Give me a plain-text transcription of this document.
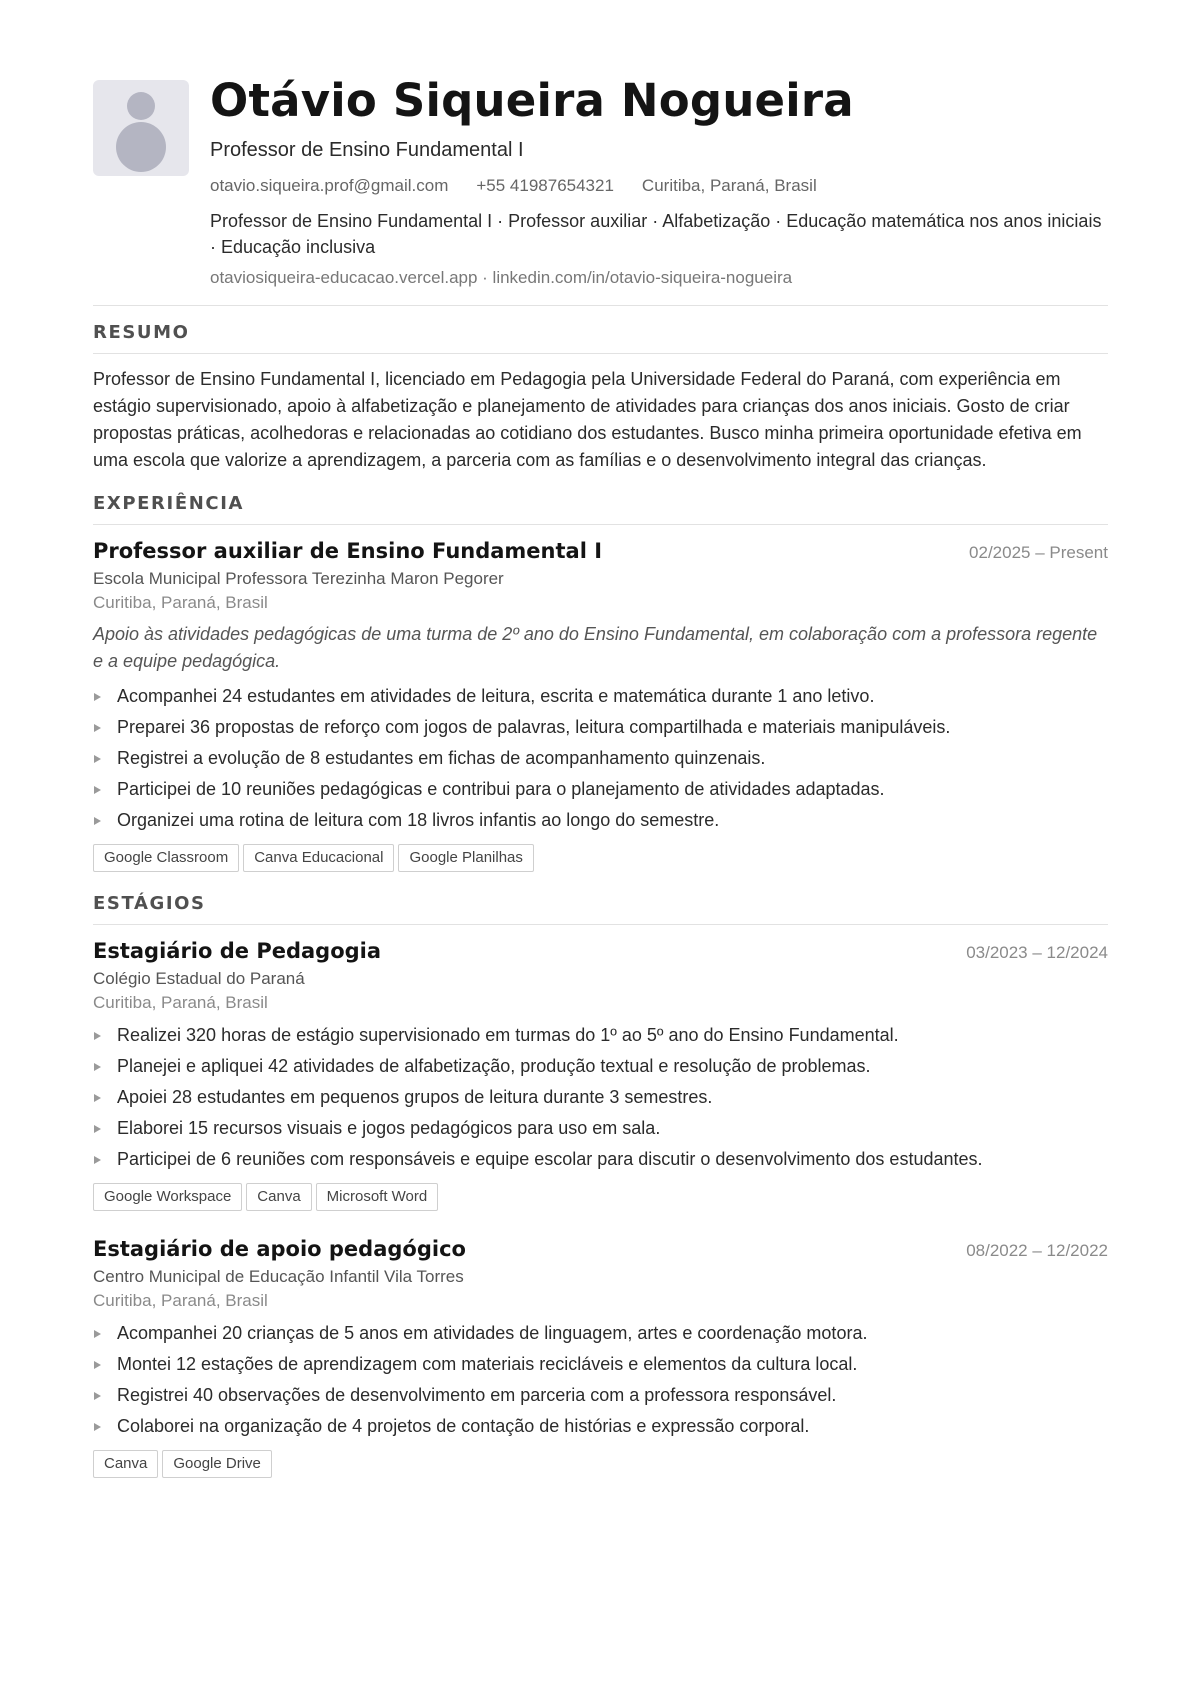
Otávio Siqueira Nogueira
Professor de Ensino Fundamental I
otavio.siqueira.prof@gmail.com +55 41987654321 Curitiba, Paraná, Brasil
Professor de Ensino Fundamental I · Professor auxiliar · Alfabetização · Educação matemática nos anos iniciais · Educação inclusiva
otaviosiqueira-educacao.vercel.app · linkedin.com/in/otavio-siqueira-nogueira
RESUMO

Professor de Ensino Fundamental I, licenciado em Pedagogia pela Universidade Federal do Paraná, com experiência em estágio supervisionado, apoio à alfabetização e planejamento de atividades para crianças dos anos iniciais. Gosto de criar propostas práticas, acolhedoras e relacionadas ao cotidiano dos estudantes. Busco minha primeira oportunidade efetiva em uma escola que valorize a aprendizagem, a parceria com as famílias e o desenvolvimento integral das crianças.

EXPERIÊNCIA
Professor auxiliar de Ensino Fundamental I	02/2025 – Present
Escola Municipal Professora Terezinha Maron Pegorer
Curitiba, Paraná, Brasil

Apoio às atividades pedagógicas de uma turma de 2º ano do Ensino Fundamental, em colaboração com a professora regente e a equipe pedagógica.

Acompanhei 24 estudantes em atividades de leitura, escrita e matemática durante 1 ano letivo.
Preparei 36 propostas de reforço com jogos de palavras, leitura compartilhada e materiais manipuláveis.
Registrei a evolução de 8 estudantes em fichas de acompanhamento quinzenais.
Participei de 10 reuniões pedagógicas e contribui para o planejamento de atividades adaptadas.
Organizei uma rotina de leitura com 18 livros infantis ao longo do semestre.
Google Classroom	Canva Educacional	Google Planilhas
ESTÁGIOS
Estagiário de Pedagogia	03/2023 – 12/2024
Colégio Estadual do Paraná
Curitiba, Paraná, Brasil
Realizei 320 horas de estágio supervisionado em turmas do 1º ao 5º ano do Ensino Fundamental.
Planejei e apliquei 42 atividades de alfabetização, produção textual e resolução de problemas.
Apoiei 28 estudantes em pequenos grupos de leitura durante 3 semestres.
Elaborei 15 recursos visuais e jogos pedagógicos para uso em sala.
Participei de 6 reuniões com responsáveis e equipe escolar para discutir o desenvolvimento dos estudantes.
Google Workspace	Canva	Microsoft Word
Estagiário de apoio pedagógico	08/2022 – 12/2022
Centro Municipal de Educação Infantil Vila Torres
Curitiba, Paraná, Brasil
Acompanhei 20 crianças de 5 anos em atividades de linguagem, artes e coordenação motora.
Montei 12 estações de aprendizagem com materiais recicláveis e elementos da cultura local.
Registrei 40 observações de desenvolvimento em parceria com a professora responsável.
Colaborei na organização de 4 projetos de contação de histórias e expressão corporal.
Canva	Google Drive
